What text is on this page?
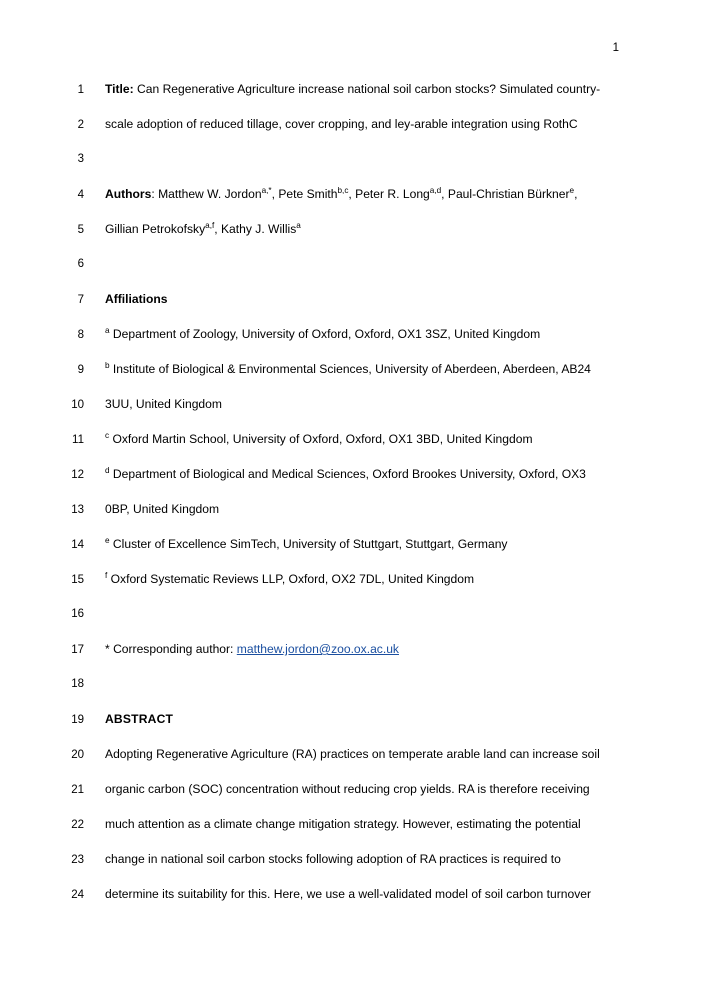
1
1	Title: Can Regenerative Agriculture increase national soil carbon stocks? Simulated country-
2	scale adoption of reduced tillage, cover cropping, and ley-arable integration using RothC
3
4	Authors: Matthew W. Jordon$^{a,*}$, Pete Smith$^{b,c}$, Peter R. Long$^{a,d}$, Paul-Christian Bürkner$^e$,
5	Gillian Petrokofsky$^{a,f}$, Kathy J. Willis$^a$
6
7	Affiliations
8	$^a$ Department of Zoology, University of Oxford, Oxford, OX1 3SZ, United Kingdom
9	$^b$ Institute of Biological & Environmental Sciences, University of Aberdeen, Aberdeen, AB24
10	3UU, United Kingdom
11	$^c$ Oxford Martin School, University of Oxford, Oxford, OX1 3BD, United Kingdom
12	$^d$ Department of Biological and Medical Sciences, Oxford Brookes University, Oxford, OX3
13	0BP, United Kingdom
14	$^e$ Cluster of Excellence SimTech, University of Stuttgart, Stuttgart, Germany
15	$^f$ Oxford Systematic Reviews LLP, Oxford, OX2 7DL, United Kingdom
16
17	* Corresponding author: matthew.jordon@zoo.ox.ac.uk
18
19	ABSTRACT
20	Adopting Regenerative Agriculture (RA) practices on temperate arable land can increase soil
21	organic carbon (SOC) concentration without reducing crop yields. RA is therefore receiving
22	much attention as a climate change mitigation strategy. However, estimating the potential
23	change in national soil carbon stocks following adoption of RA practices is required to
24	determine its suitability for this. Here, we use a well-validated model of soil carbon turnover
